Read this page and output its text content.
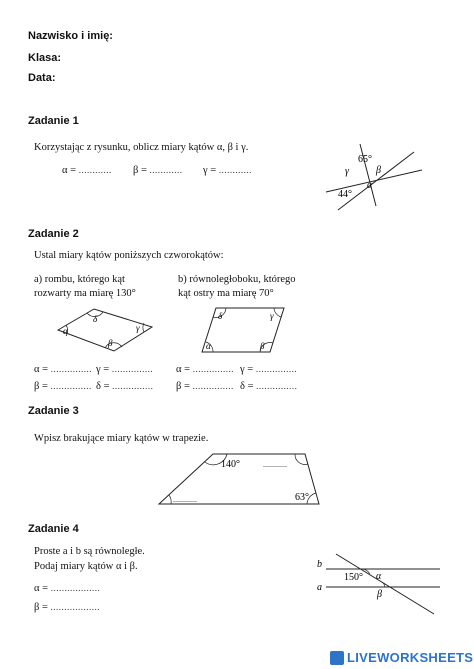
Nazwisko i imię:
Klasa:
Data:
Zadanie 1
Korzystając z rysunku, oblicz miary kątów α, β i γ.
α = ............ β = ............ γ = ............
65°
γ	β
α
44°
Zadanie 2
Ustal miary kątów poniższych czworokątów:
a) rombu, którego kąt
rozwarty ma miarę 130°
b) równoległoboku, którego
kąt ostry ma miarę 70°
α
δ
γ
β	α
δ	γ
β
α = ............... γ = ...............
β = ............... δ = ...............
α = ............... γ = ...............
β = ............... δ = ...............
Zadanie 3
Wpisz brakujące miary kątów w trapezie.
140°	............
............	63°
Zadanie 4
Proste a i b są równoległe.
Podaj miary kątów α i β.
α = ..................
β = ..................
b
a
150° α
β
LIVEWORKSHEETS
